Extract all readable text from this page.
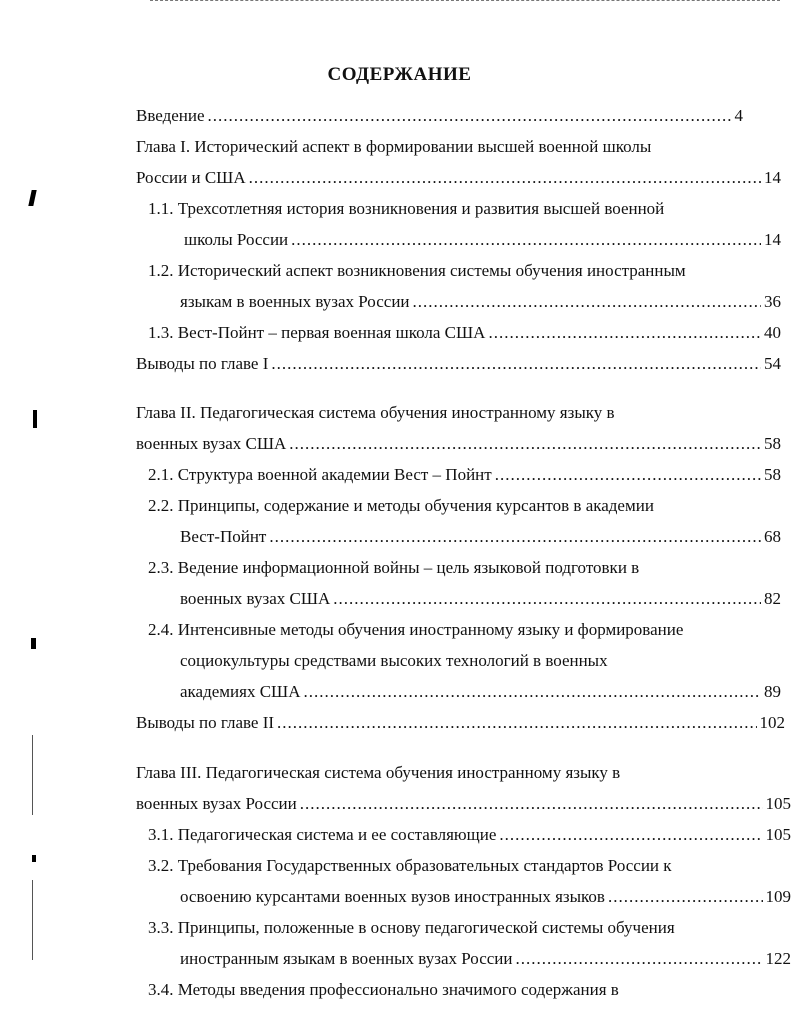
СОДЕРЖАНИЕ
Введение .....	4
Глава I. Исторический аспект в формировании высшей военной школы
России и США .....	14
1.1. Трехсотлетняя история возникновения и развития высшей военной
школы России .....	14
1.2. Исторический аспект возникновения системы обучения иностранным
языкам в военных вузах России .....	36
1.3. Вест-Пойнт – первая военная школа США .....	40
Выводы по главе I .....	54
Глава II. Педагогическая система обучения иностранному языку в
военных вузах США .....	58
2.1. Структура военной академии Вест – Пойнт .....	58
2.2. Принципы, содержание и методы обучения курсантов в академии
Вест-Пойнт .....	68
2.3. Ведение информационной войны – цель языковой подготовки в
военных вузах США .....	82
2.4. Интенсивные методы обучения иностранному языку и формирование
социокультуры средствами высоких технологий в военных
академиях США .....	89
Выводы по главе II .....	102
Глава III. Педагогическая система обучения иностранному языку в
военных вузах России .....	105
3.1. Педагогическая система и ее составляющие .....	105
3.2. Требования Государственных образовательных стандартов России к
освоению курсантами военных вузов иностранных языков .....	109
3.3. Принципы, положенные в основу педагогической системы обучения
иностранным языкам в военных вузах России .....	122
3.4. Методы введения профессионально значимого содержания в
